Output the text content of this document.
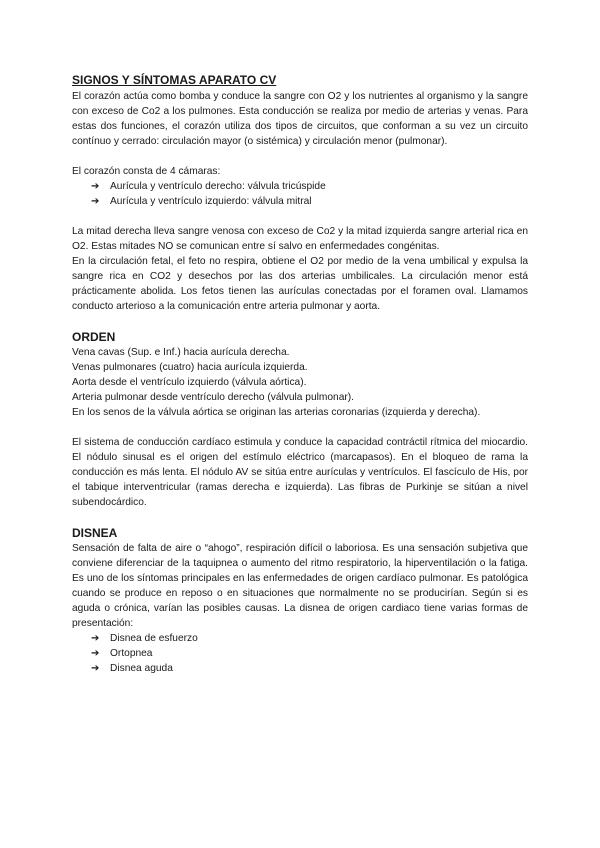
SIGNOS Y SÍNTOMAS APARATO CV

El corazón actúa como bomba y conduce la sangre con O2 y los nutrientes al organismo y la sangre con exceso de Co2 a los pulmones. Esta conducción se realiza por medio de arterias y venas. Para estas dos funciones, el corazón utiliza dos tipos de circuitos, que conforman a su vez un circuito contínuo y cerrado: circulación mayor (o sistémica) y circulación menor (pulmonar).

El corazón consta de 4 cámaras:
➔ Aurícula y ventrículo derecho: válvula tricúspide
➔ Aurícula y ventrículo izquierdo: válvula mitral

La mitad derecha lleva sangre venosa con exceso de Co2 y la mitad izquierda sangre arterial rica en O2. Estas mitades NO se comunican entre sí salvo en enfermedades congénitas.

En la circulación fetal, el feto no respira, obtiene el O2 por medio de la vena umbilical y expulsa la sangre rica en CO2 y desechos por las dos arterias umbilicales. La circulación menor está prácticamente abolida. Los fetos tienen las aurículas conectadas por el foramen oval. Llamamos conducto arterioso a la comunicación entre arteria pulmonar y aorta.

ORDEN
Vena cavas (Sup. e Inf.) hacia aurícula derecha.
Venas pulmonares (cuatro) hacia aurícula izquierda.
Aorta desde el ventrículo izquierdo (válvula aórtica).
Arteria pulmonar desde ventrículo derecho (válvula pulmonar).
En los senos de la válvula aórtica se originan las arterias coronarias (izquierda y derecha).

El sistema de conducción cardíaco estimula y conduce la capacidad contráctil rítmica del miocardio. El nódulo sinusal es el origen del estímulo eléctrico (marcapasos). En el bloqueo de rama la conducción es más lenta. El nódulo AV se sitúa entre aurículas y ventrículos. El fascículo de His, por el tabique interventricular (ramas derecha e izquierda). Las fibras de Purkinje se sitúan a nivel subendocárdico.

DISNEA

Sensación de falta de aire o “ahogo”, respiración difícil o laboriosa. Es una sensación subjetiva que conviene diferenciar de la taquipnea o aumento del ritmo respiratorio, la hiperventilación o la fatiga. Es uno de los síntomas principales en las enfermedades de origen cardíaco pulmonar. Es patológica cuando se produce en reposo o en situaciones que normalmente no se producirían. Según si es aguda o crónica, varían las posibles causas. La disnea de origen cardiaco tiene varias formas de presentación:

➔ Disnea de esfuerzo
➔ Ortopnea
➔ Disnea aguda
